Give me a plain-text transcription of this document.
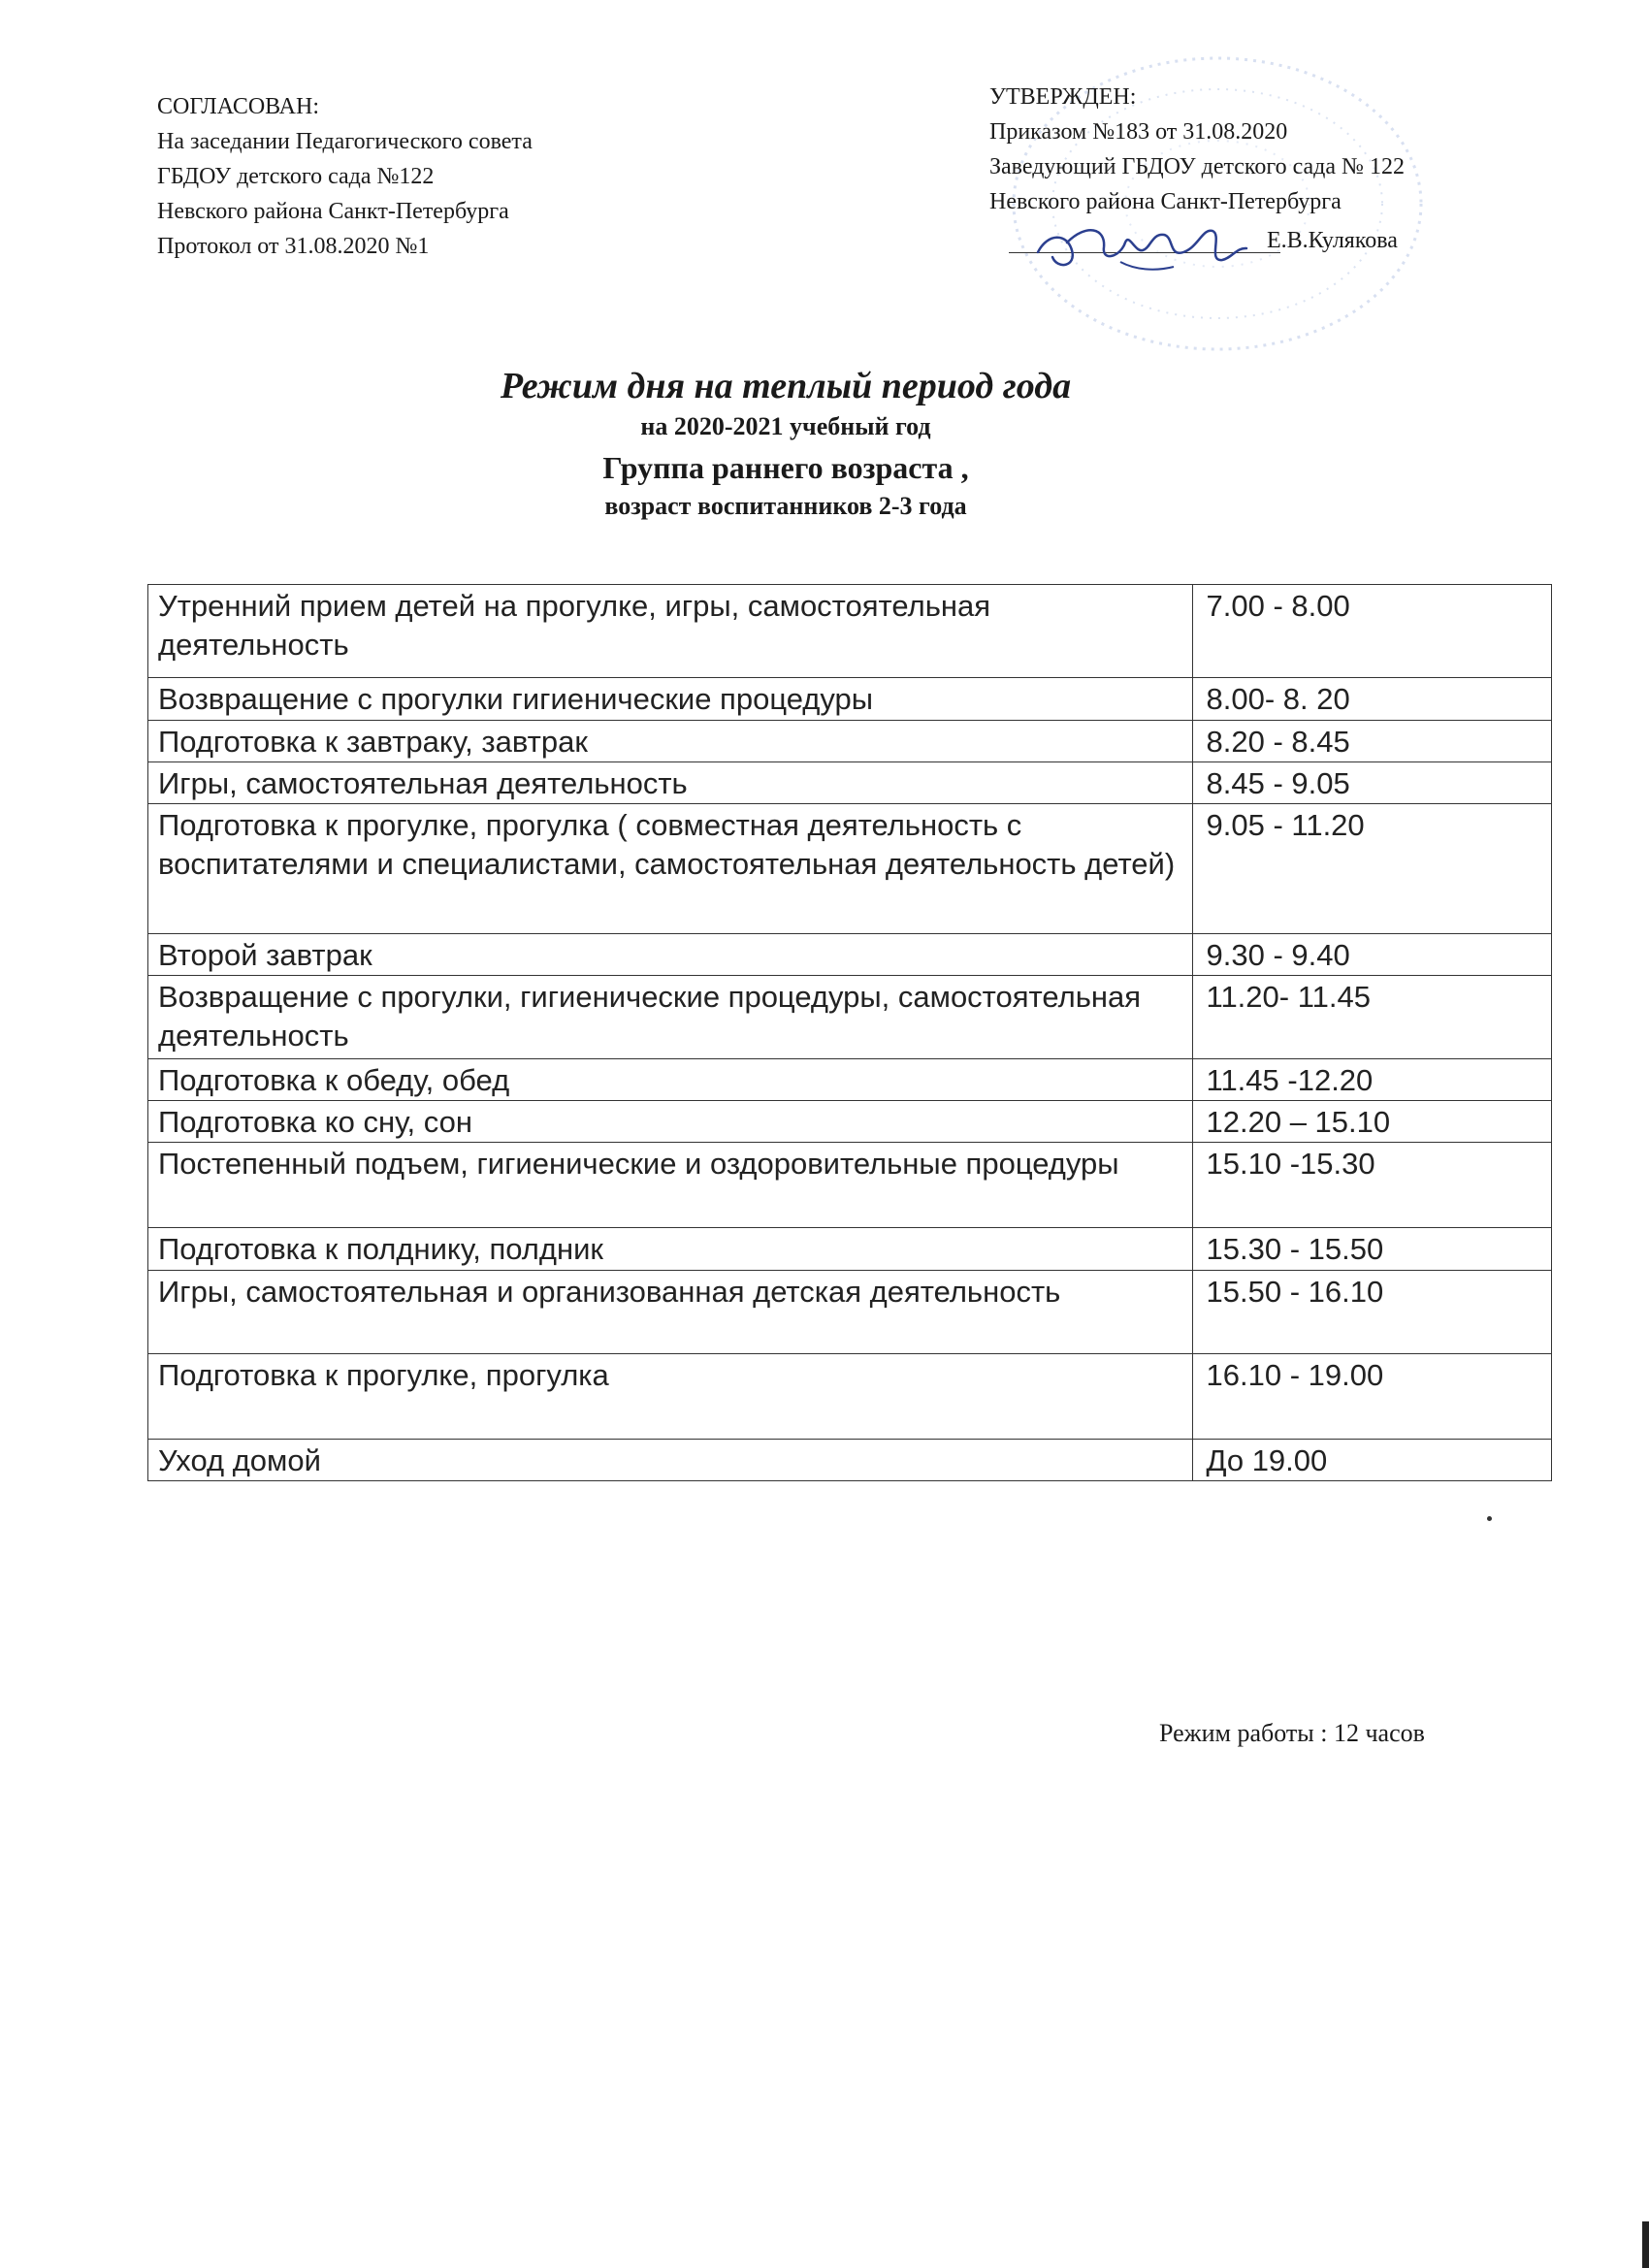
СОГЛАСОВАН:
На заседании Педагогического совета
ГБДОУ детского сада №122
Невского района Санкт-Петербурга
Протокол от 31.08.2020 №1
УТВЕРЖДЕН:
Приказом №183 от 31.08.2020
Заведующий ГБДОУ детского сада № 122
Невского района Санкт-Петербурга
Е.В.Кулякова
Режим дня на теплый период года
на 2020-2021 учебный год
Группа раннего возраста ,
возраст воспитанников 2-3 года
Утренний прием детей на прогулке, игры, самостоятельная деятельность	7.00 - 8.00
Возвращение с прогулки гигиенические процедуры	8.00- 8. 20
Подготовка к завтраку, завтрак	8.20 - 8.45
Игры, самостоятельная деятельность	8.45 - 9.05
Подготовка к прогулке, прогулка ( совместная деятельность с воспитателями и специалистами, самостоятельная деятельность детей)	9.05 - 11.20
Второй завтрак	9.30 - 9.40
Возвращение с прогулки, гигиенические процедуры, самостоятельная деятельность	11.20- 11.45
Подготовка к обеду, обед	11.45 -12.20
Подготовка ко сну, сон	12.20 – 15.10
Постепенный подъем, гигиенические и оздоровительные процедуры	15.10 -15.30
Подготовка к полднику, полдник	15.30 - 15.50
Игры, самостоятельная и организованная детская деятельность	15.50 - 16.10
Подготовка к прогулке, прогулка	16.10 - 19.00
Уход домой	До 19.00
Режим работы : 12 часов
